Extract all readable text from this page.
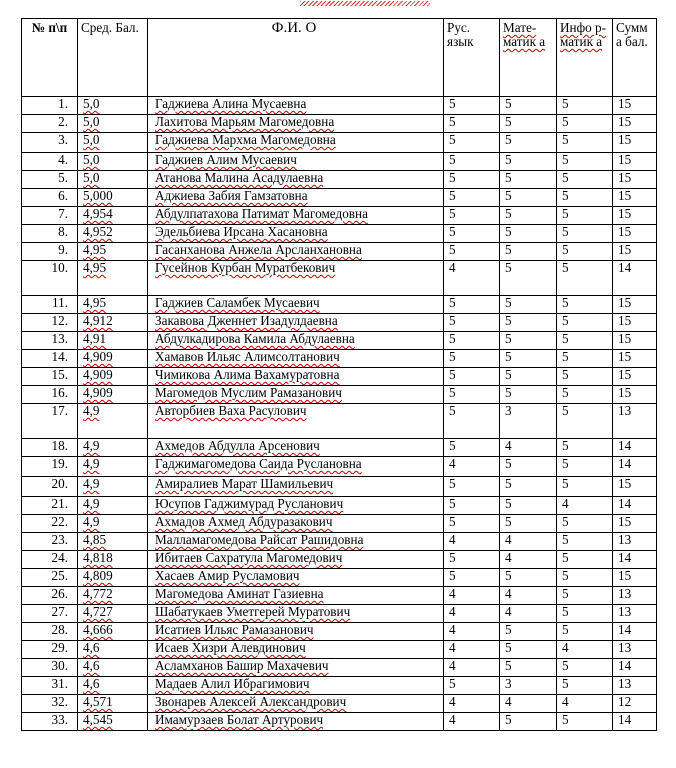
№ п\п	Сред. Бал.	Ф.И. О	Рус. язык	Мате-матик а	Инфо р-матик а	Сумм а бал.

1.	5,0	Гаджиева Алина Мусаевна	5	5	5	15
2.	5,0	Лахитова Марьям Магомедовна	5	5	5	15
3.	5,0	Гаджиева Мархма Магомедовна	5	5	5	15
4.	5,0	Гаджиев Алим Мусаевич	5	5	5	15
5.	5,0	Атанова Малина Асадулаевна	5	5	5	15
6.	5,000	Аджиева Забия Гамзатовна	5	5	5	15
7.	4,954	Абдулпатахова Патимат Магомедовна	5	5	5	15
8.	4,952	Эдельбиева Ирсана Хасановна	5	5	5	15
9.	4,95	Гасанханова Анжела Арсланхановна	5	5	5	15
10.	4,95	Гусейнов Курбан Муратбекович	4	5	5	14
11.	4,95	Гаджиев Саламбек Мусаевич	5	5	5	15
12.	4,912	Закавова Дженнет Изадулдаевна	5	5	5	15
13.	4,91	Абдулкадирова Камила Абдулаевна	5	5	5	15
14.	4,909	Хамавов Ильяс Алимсолтанович	5	5	5	15
15.	4,909	Чимикова Алима Вахамуратовна	5	5	5	15
16.	4,909	Магомедов Муслим Рамазанович	5	5	5	15
17.	4,9	Авторбиев Ваха Расулович	5	3	5	13
18.	4,9	Ахмедов Абдулла Арсенович	5	4	5	14
19.	4,9	Гаджимагомедова Саида Руслановна	4	5	5	14
20.	4,9	Амиралиев Марат Шамильевич	5	5	5	15
21.	4,9	Юсупов Гаджимурад Русланович	5	5	4	14
22.	4,9	Ахмадов Ахмед Абдуразакович	5	5	5	15
23.	4,85	Малламагомедова Райсат Рашидовна	4	4	5	13
24.	4,818	Ибитаев Сахратула Магомедович	5	4	5	14
25.	4,809	Хасаев Амир Русламович	5	5	5	15
26.	4,772	Магомедова Аминат Газиевна	4	4	5	13
27.	4,727	Шабатукаев Уметгерей Муратович	4	4	5	13
28.	4,666	Исатиев Ильяс Рамазанович	4	5	5	14
29.	4,6	Исаев Хизри Алевдинович	4	5	4	13
30.	4,6	Асламханов Башир Махачевич	4	5	5	14
31.	4,6	Мадаев Алил Ибрагимович	5	3	5	13
32.	4,571	Звонарев Алексей Александрович	4	4	4	12
33.	4,545	Имамурзаев Болат Артурович	4	5	5	14
